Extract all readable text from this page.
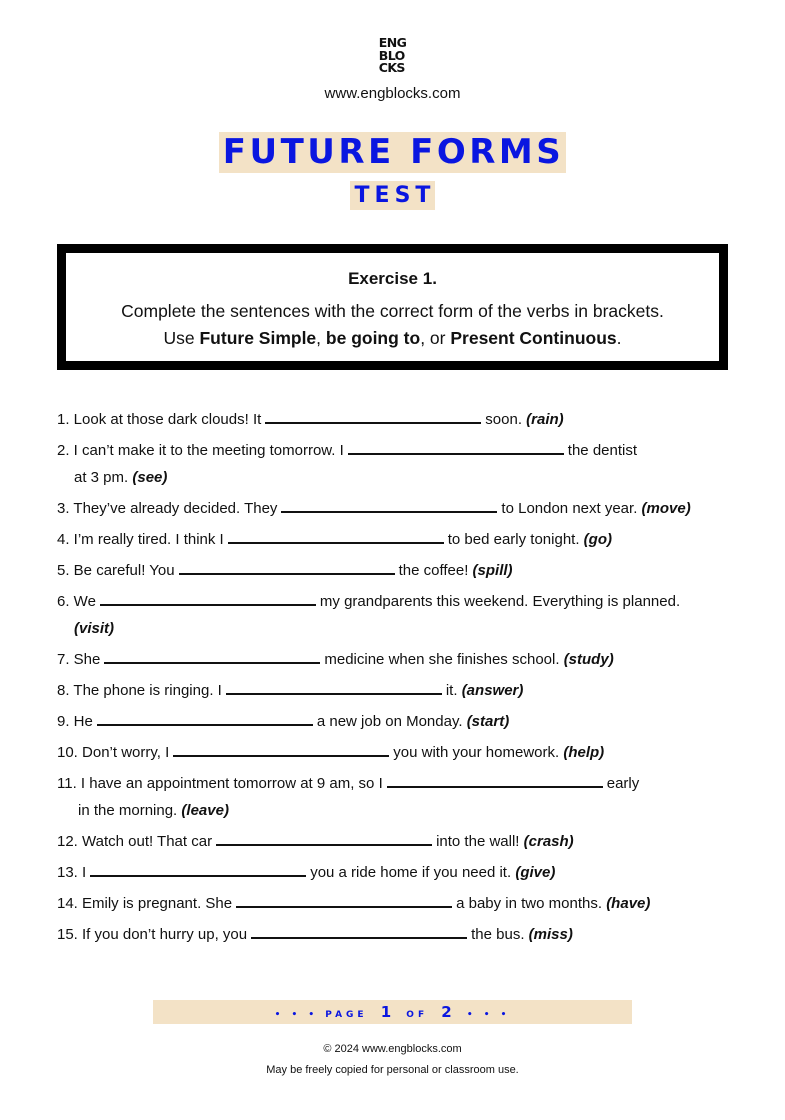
ENG
BLO
CKS
www.engblocks.com
FUTURE FORMS
TEST
Exercise 1.
Complete the sentences with the correct form of the verbs in brackets.
Use Future Simple, be going to, or Present Continuous.
1. Look at those dark clouds! It	soon. (rain)
2. I can’t make it to the meeting tomorrow. I	the dentist
at 3 pm. (see)
3. They’ve already decided. They	to London next year. (move)
4. I’m really tired. I think I	to bed early tonight. (go)
5. Be careful! You	the coffee! (spill)
6. We	my grandparents this weekend. Everything is planned.
(visit)
7. She	medicine when she finishes school. (study)
8. The phone is ringing. I	it. (answer)
9. He	a new job on Monday. (start)
10. Don’t worry, I	you with your homework. (help)
11. I have an appointment tomorrow at 9 am, so I	early
in the morning. (leave)
12. Watch out! That car	into the wall! (crash)
13. I	you a ride home if you need it. (give)
14. Emily is pregnant. She	a baby in two months. (have)
15. If you don’t hurry up, you	the bus. (miss)
• • • PAGE 1 OF 2 • • •
© 2024 www.engblocks.com
May be freely copied for personal or classroom use.
